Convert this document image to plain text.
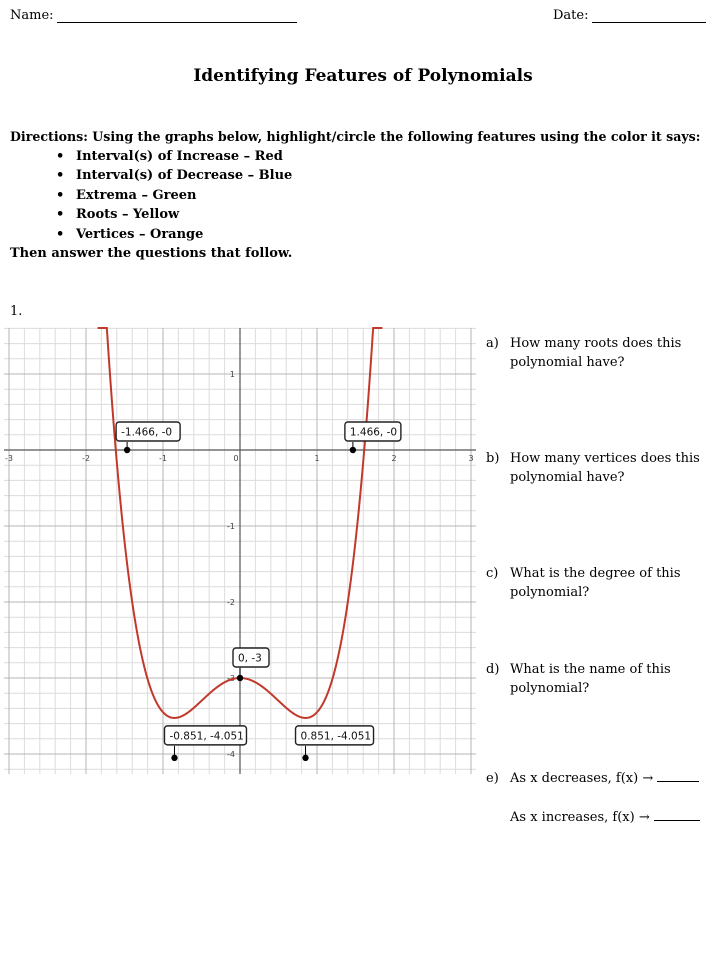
Name:	Date:
Identifying Features of Polynomials
Directions: Using the graphs below, highlight/circle the following features using the color it says:
• Interval(s) of Increase – Red
• Interval(s) of Decrease – Blue
• Extrema – Green
• Roots – Yellow
• Vertices – Orange
Then answer the questions that follow.
1.
-3	-2	-1	0	1	2	3
1
-1
-2
-3
-4
-1.466, -0	1.466, -0
0, -3
-0.851, -4.051	0.851, -4.051
a) How many roots does this
polynomial have?
b) How many vertices does this
polynomial have?
c) What is the degree of this
polynomial?
d) What is the name of this
polynomial?
e) As x decreases, f(x) →
As x increases, f(x) →
